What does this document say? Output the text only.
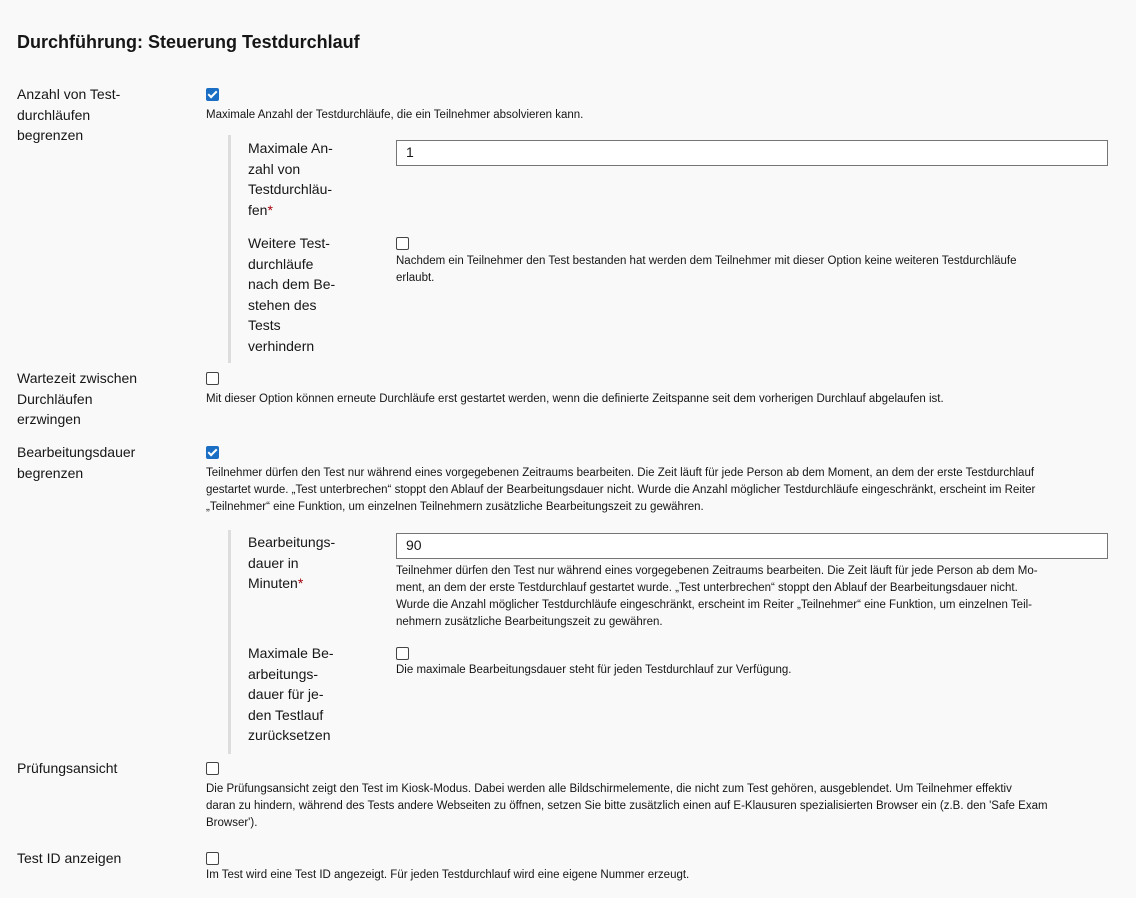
Durchführung: Steuerung Testdurchlauf
Anzahl von Test-
durchläufen
begrenzen
Maximale Anzahl der Testdurchläufe, die ein Teilnehmer absolvieren kann.
Maximale An-
zahl von
Testdurchläu-
fen*
1
Weitere Test-
durchläufe
nach dem Be-
stehen des
Tests
verhindern
Nachdem ein Teilnehmer den Test bestanden hat werden dem Teilnehmer mit dieser Option keine weiteren Testdurchläufe
erlaubt.
Wartezeit zwischen
Durchläufen
erzwingen
Mit dieser Option können erneute Durchläufe erst gestartet werden, wenn die definierte Zeitspanne seit dem vorherigen Durchlauf abgelaufen ist.
Bearbeitungsdauer
begrenzen	Teilnehmer dürfen den Test nur während eines vorgegebenen Zeitraums bearbeiten. Die Zeit läuft für jede Person ab dem Moment, an dem der erste Testdurchlauf
gestartet wurde. „Test unterbrechen“ stoppt den Ablauf der Bearbeitungsdauer nicht. Wurde die Anzahl möglicher Testdurchläufe eingeschränkt, erscheint im Reiter
„Teilnehmer“ eine Funktion, um einzelnen Teilnehmern zusätzliche Bearbeitungszeit zu gewähren.
Bearbeitungs-
dauer in
Minuten*
90
Teilnehmer dürfen den Test nur während eines vorgegebenen Zeitraums bearbeiten. Die Zeit läuft für jede Person ab dem Mo-
ment, an dem der erste Testdurchlauf gestartet wurde. „Test unterbrechen“ stoppt den Ablauf der Bearbeitungsdauer nicht.
Wurde die Anzahl möglicher Testdurchläufe eingeschränkt, erscheint im Reiter „Teilnehmer“ eine Funktion, um einzelnen Teil-
nehmern zusätzliche Bearbeitungszeit zu gewähren.
Maximale Be-
arbeitungs-
dauer für je-
den Testlauf
zurücksetzen
Die maximale Bearbeitungsdauer steht für jeden Testdurchlauf zur Verfügung.
Prüfungsansicht
Die Prüfungsansicht zeigt den Test im Kiosk-Modus. Dabei werden alle Bildschirmelemente, die nicht zum Test gehören, ausgeblendet. Um Teilnehmer effektiv
daran zu hindern, während des Tests andere Webseiten zu öffnen, setzen Sie bitte zusätzlich einen auf E-Klausuren spezialisierten Browser ein (z.B. den 'Safe Exam
Browser').
Test ID anzeigen
Im Test wird eine Test ID angezeigt. Für jeden Testdurchlauf wird eine eigene Nummer erzeugt.
